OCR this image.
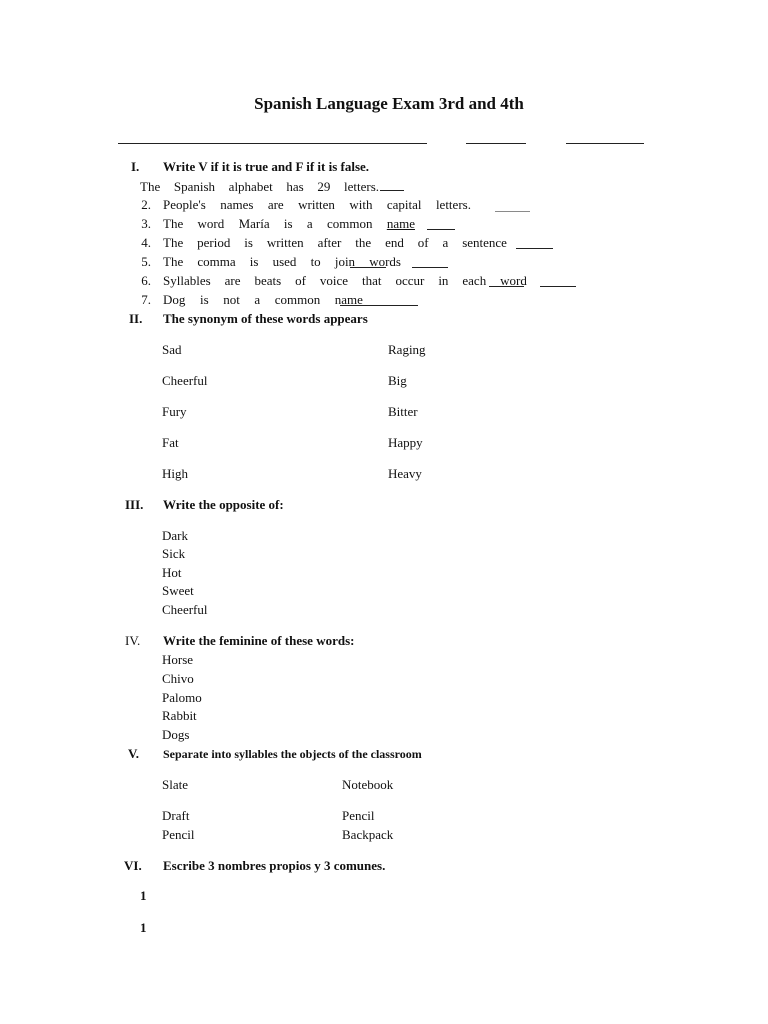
Spanish Language Exam 3rd and 4th
I. Write V if it is true and F if it is false.
The Spanish alphabet has 29 letters.
2. People's names are written with capital letters.
3. The word María is a common name
4. The period is written after the end of a sentence
5. The comma is used to join words
6. Syllables are beats of voice that occur in each word
7. Dog is not a common name
II. The synonym of these words appears
Sad
Cheerful
Fury
Fat
High
Raging
Big
Bitter
Happy
Heavy
III. Write the opposite of:
Dark
Sick
Hot
Sweet
Cheerful
IV. Write the feminine of these words:
Horse
Chivo
Palomo
Rabbit
Dogs
V. Separate into syllables the objects of the classroom
Slate
Draft
Pencil
Notebook
Pencil
Backpack
VI. Escribe 3 nombres propios y 3 comunes.
1
1
